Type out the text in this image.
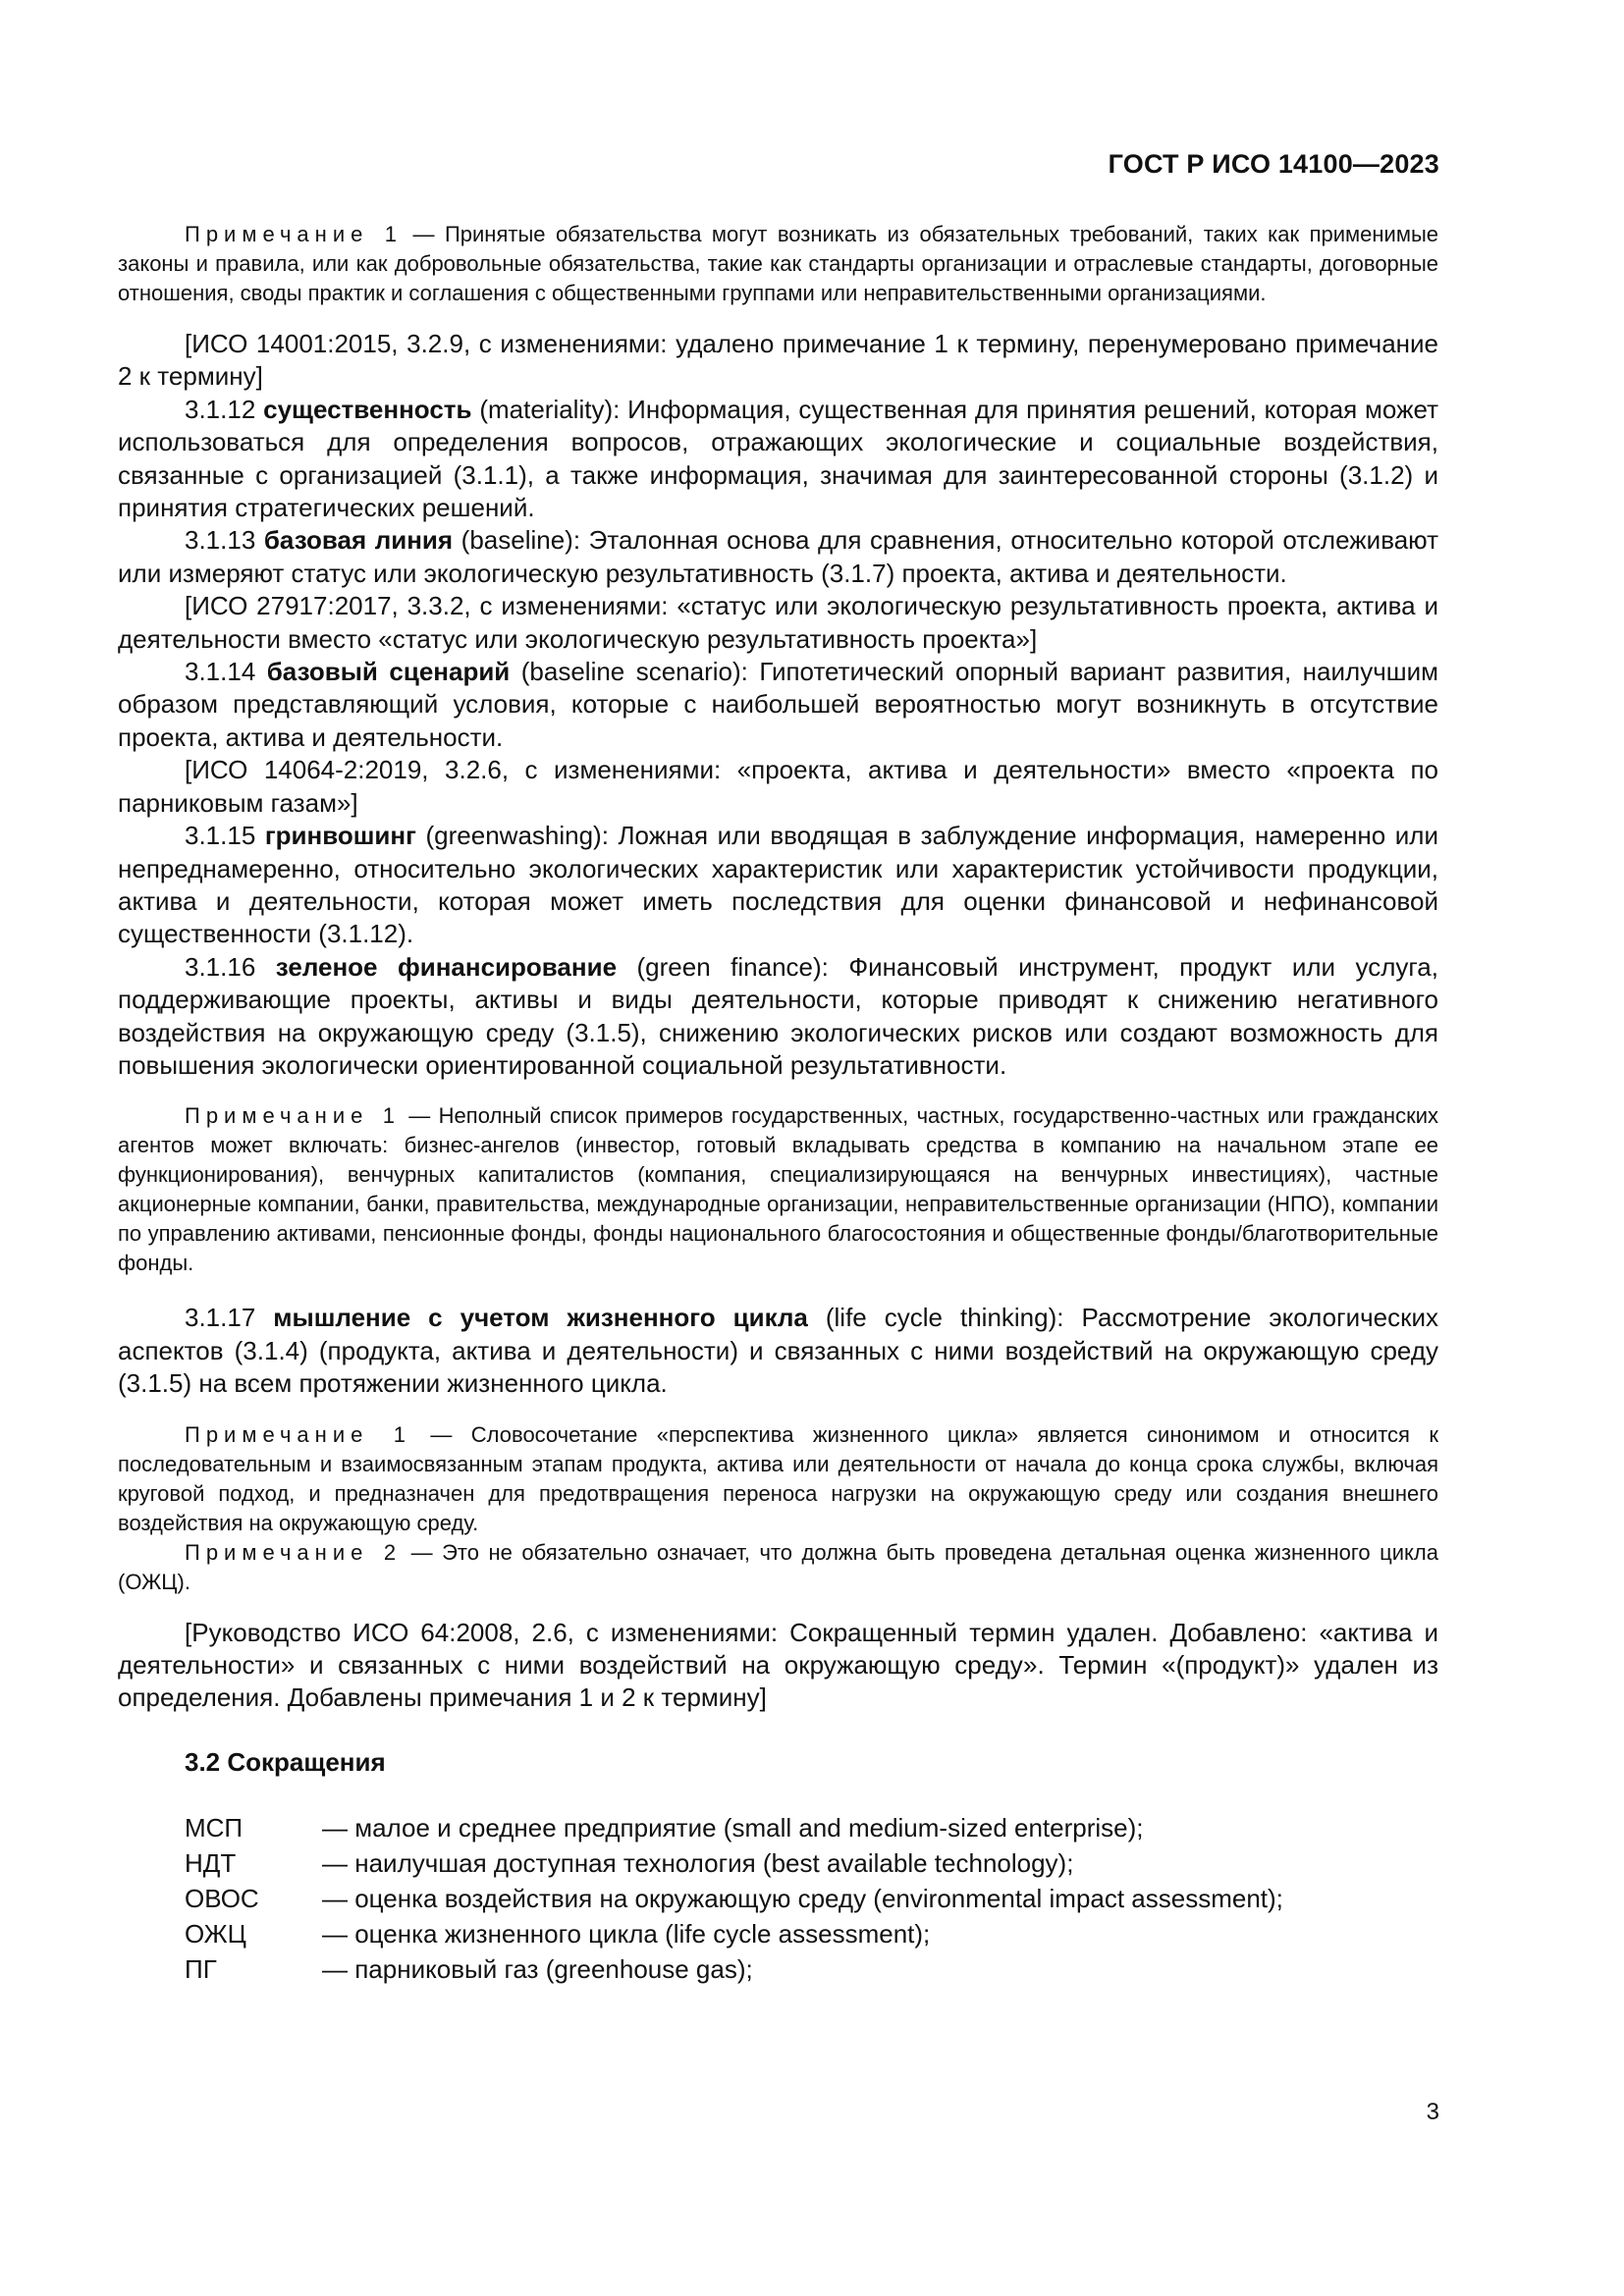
ГОСТ Р ИСО 14100—2023

Примечание 1 — Принятые обязательства могут возникать из обязательных требований, таких как применимые законы и правила, или как добровольные обязательства, такие как стандарты организации и отраслевые стандарты, договорные отношения, своды практик и соглашения с общественными группами или неправительственными организациями.

[ИСО 14001:2015, 3.2.9, с изменениями: удалено примечание 1 к термину, перенумеровано примечание 2 к термину]

3.1.12 существенность (materiality): Информация, существенная для принятия решений, которая может использоваться для определения вопросов, отражающих экологические и социальные воздействия, связанные с организацией (3.1.1), а также информация, значимая для заинтересованной стороны (3.1.2) и принятия стратегических решений.

3.1.13 базовая линия (baseline): Эталонная основа для сравнения, относительно которой отслеживают или измеряют статус или экологическую результативность (3.1.7) проекта, актива и деятельности.

[ИСО 27917:2017, 3.3.2, с изменениями: «статус или экологическую результативность проекта, актива и деятельности вместо «статус или экологическую результативность проекта»]

3.1.14 базовый сценарий (baseline scenario): Гипотетический опорный вариант развития, наилучшим образом представляющий условия, которые с наибольшей вероятностью могут возникнуть в отсутствие проекта, актива и деятельности.

[ИСО 14064-2:2019, 3.2.6, с изменениями: «проекта, актива и деятельности» вместо «проекта по парниковым газам»]

3.1.15 гринвошинг (greenwashing): Ложная или вводящая в заблуждение информация, намеренно или непреднамеренно, относительно экологических характеристик или характеристик устойчивости продукции, актива и деятельности, которая может иметь последствия для оценки финансовой и нефинансовой существенности (3.1.12).

3.1.16 зеленое финансирование (green finance): Финансовый инструмент, продукт или услуга, поддерживающие проекты, активы и виды деятельности, которые приводят к снижению негативного воздействия на окружающую среду (3.1.5), снижению экологических рисков или создают возможность для повышения экологически ориентированной социальной результативности.

Примечание 1 — Неполный список примеров государственных, частных, государственно-частных или гражданских агентов может включать: бизнес-ангелов (инвестор, готовый вкладывать средства в компанию на начальном этапе ее функционирования), венчурных капиталистов (компания, специализирующаяся на венчурных инвестициях), частные акционерные компании, банки, правительства, международные организации, неправительственные организации (НПО), компании по управлению активами, пенсионные фонды, фонды национального благосостояния и общественные фонды/благотворительные фонды.

3.1.17 мышление с учетом жизненного цикла (life cycle thinking): Рассмотрение экологических аспектов (3.1.4) (продукта, актива и деятельности) и связанных с ними воздействий на окружающую среду (3.1.5) на всем протяжении жизненного цикла.

Примечание 1 — Словосочетание «перспектива жизненного цикла» является синонимом и относится к последовательным и взаимосвязанным этапам продукта, актива или деятельности от начала до конца срока службы, включая круговой подход, и предназначен для предотвращения переноса нагрузки на окружающую среду или создания внешнего воздействия на окружающую среду.

Примечание 2 — Это не обязательно означает, что должна быть проведена детальная оценка жизненного цикла (ОЖЦ).

[Руководство ИСО 64:2008, 2.6, с изменениями: Сокращенный термин удален. Добавлено: «актива и деятельности» и связанных с ними воздействий на окружающую среду». Термин «(продукт)» удален из определения. Добавлены примечания 1 и 2 к термину]

3.2 Сокращения
МСП	— малое и среднее предприятие (small and medium-sized enterprise);
НДТ	— наилучшая доступная технология (best available technology);
ОВОС	— оценка воздействия на окружающую среду (environmental impact assessment);
ОЖЦ	— оценка жизненного цикла (life cycle assessment);
ПГ	— парниковый газ (greenhouse gas);
3
